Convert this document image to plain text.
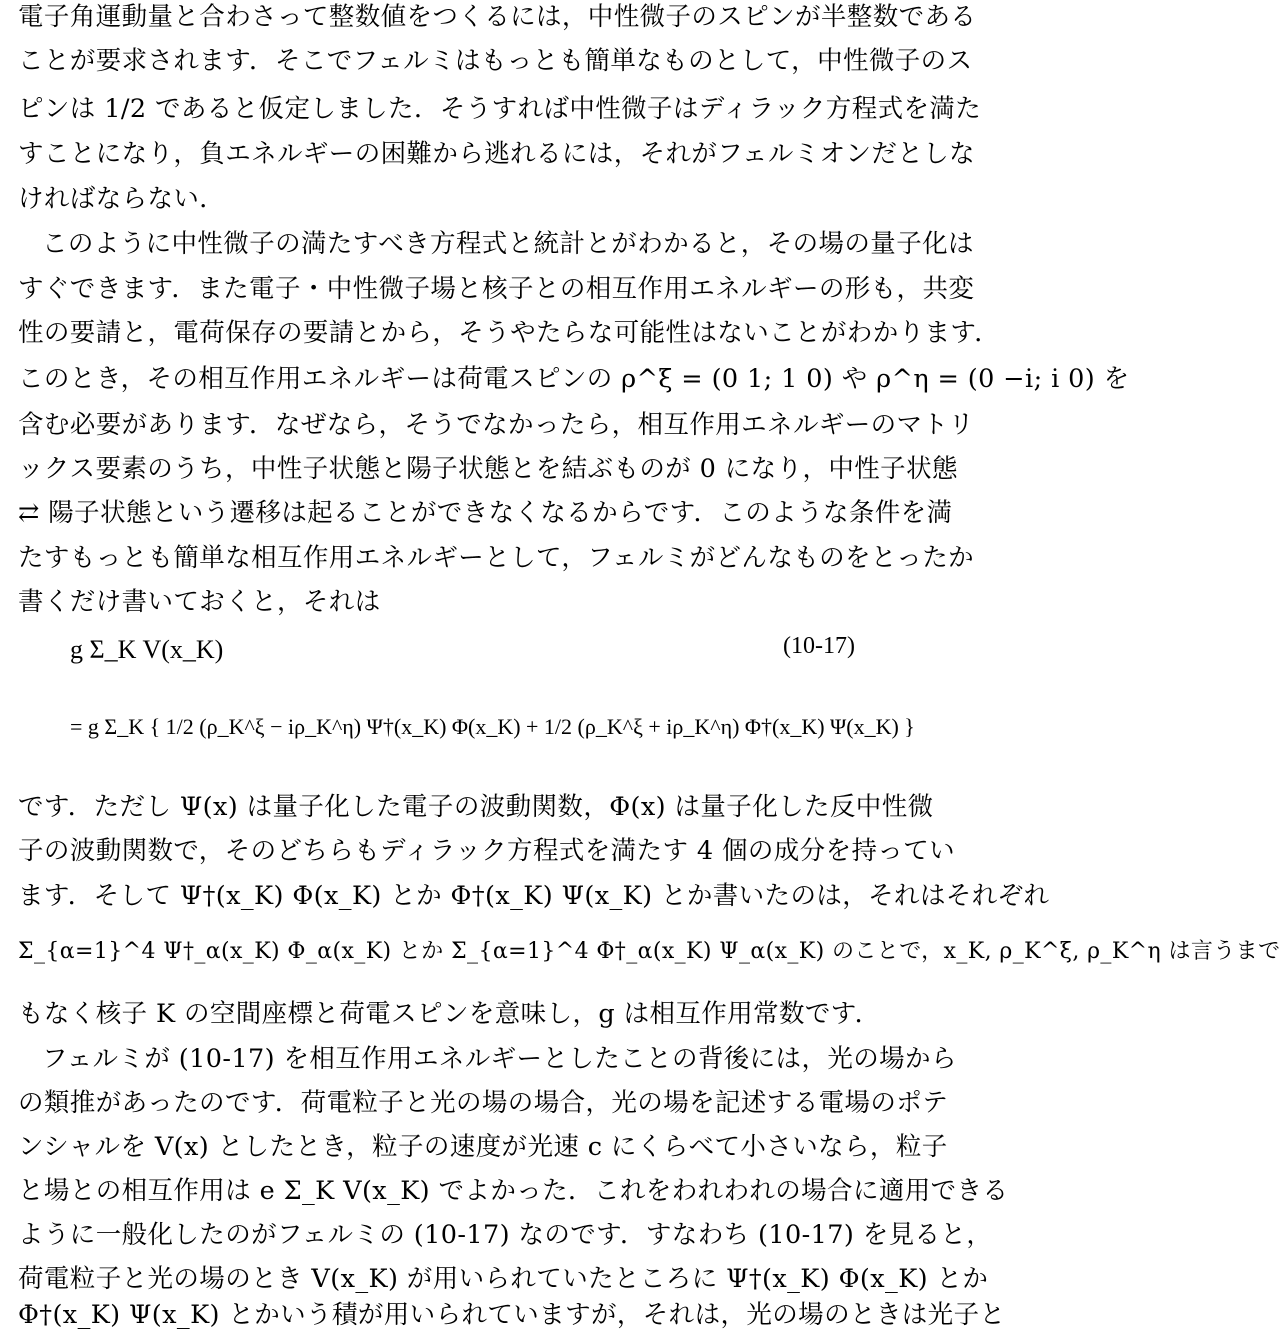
電子角運動量と合わさって整数値をつくるには，中性微子のスピンが半整数である
ことが要求されます．そこでフェルミはもっとも簡単なものとして，中性微子のス
ピンは 1/2 であると仮定しました．そうすれば中性微子はディラック方程式を満た
すことになり，負エネルギーの困難から逃れるには，それがフェルミオンだとしな
ければならない．
このように中性微子の満たすべき方程式と統計とがわかると，その場の量子化は
すぐできます．また電子・中性微子場と核子との相互作用エネルギーの形も，共変
性の要請と，電荷保存の要請とから，そうやたらな可能性はないことがわかります．
このとき，その相互作用エネルギーは荷電スピンの ρ^ξ = (0 1; 1 0) や ρ^η = (0 −i; i 0) を
含む必要があります．なぜなら，そうでなかったら，相互作用エネルギーのマトリ
ックス要素のうち，中性子状態と陽子状態とを結ぶものが 0 になり，中性子状態
⇄ 陽子状態という遷移は起ることができなくなるからです．このような条件を満
たすもっとも簡単な相互作用エネルギーとして，フェルミがどんなものをとったか
書くだけ書いておくと，それは
g Σ_K V(x_K)	(10-17)
= g Σ_K { 1/2 (ρ_K^ξ − iρ_K^η) Ψ†(x_K) Φ(x_K) + 1/2 (ρ_K^ξ + iρ_K^η) Φ†(x_K) Ψ(x_K) }
です．ただし Ψ(x) は量子化した電子の波動関数，Φ(x) は量子化した反中性微
子の波動関数で，そのどちらもディラック方程式を満たす 4 個の成分を持ってい
ます．そして Ψ†(x_K) Φ(x_K) とか Φ†(x_K) Ψ(x_K) とか書いたのは，それはそれぞれ
Σ_{α=1}^4 Ψ†_α(x_K) Φ_α(x_K) とか Σ_{α=1}^4 Φ†_α(x_K) Ψ_α(x_K) のことで，x_K, ρ_K^ξ, ρ_K^η は言うまで
もなく核子 K の空間座標と荷電スピンを意味し，g は相互作用常数です．
フェルミが (10-17) を相互作用エネルギーとしたことの背後には，光の場から
の類推があったのです．荷電粒子と光の場の場合，光の場を記述する電場のポテ
ンシャルを V(x) としたとき，粒子の速度が光速 c にくらべて小さいなら，粒子
と場との相互作用は e Σ_K V(x_K) でよかった．これをわれわれの場合に適用できる
ように一般化したのがフェルミの (10-17) なのです．すなわち (10-17) を見ると，
荷電粒子と光の場のとき V(x_K) が用いられていたところに Ψ†(x_K) Φ(x_K) とか
Φ†(x_K) Ψ(x_K) とかいう積が用いられていますが，それは，光の場のときは光子と
